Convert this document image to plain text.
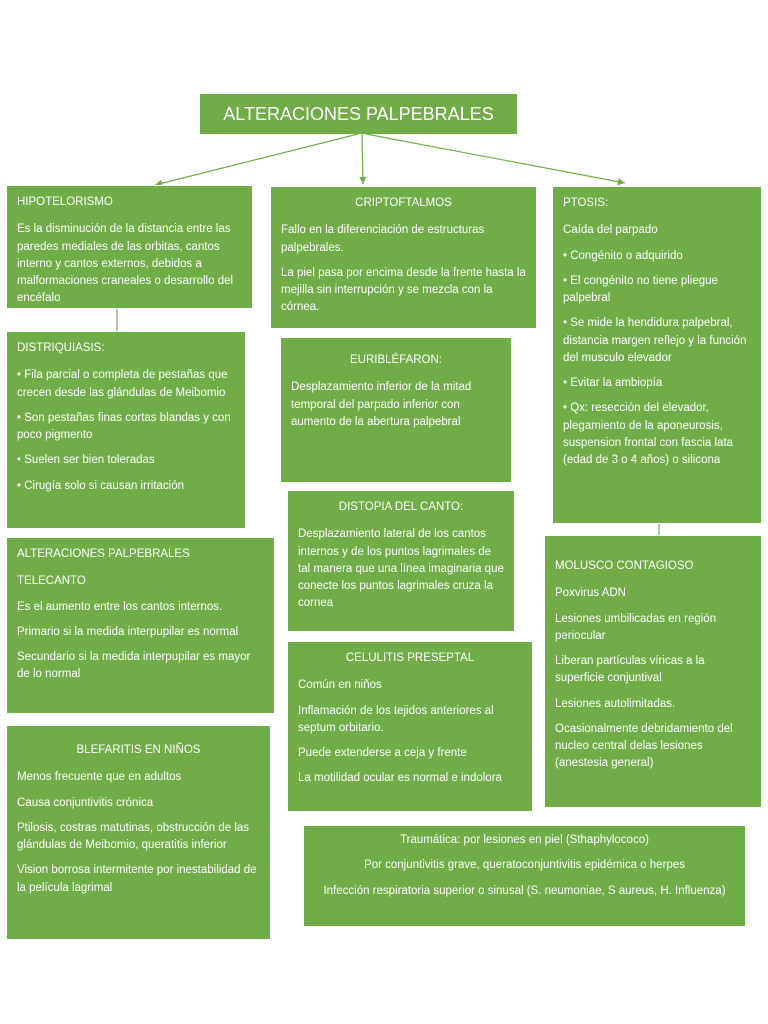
ALTERACIONES PALPEBRALES

HIPOTELORISMO

Es la disminución de la distancia entre las paredes mediales de las orbitas, cantos interno y cantos externos, debidos a malformaciones craneales o desarrollo del encéfalo

CRIPTOFTALMOS

Fallo en la diferenciación de estructuras palpebrales.

La piel pasa por encima desde la frente hasta la mejilla sin interrupción y se mezcla con la córnea.

PTOSIS:

Caída del parpado

• Congénito o adquirido

• El congénito no tiene pliegue palpebral

• Se mide la hendidura palpebral, distancia margen reflejo y la función del musculo elevador

• Evitar la ambiopía

• Qx: resección del elevador, plegamiento de la aponeurosis, suspension frontal con fascia lata (edad de 3 o 4 años) o silicona

DISTRIQUIASIS:

• Fila parcial o completa de pestañas que crecen desde las glándulas de Meibomio

• Son pestañas finas cortas blandas y con poco pigmento

• Suelen ser bien toleradas

• Cirugía solo si causan irritación

EURIBLÉFARON:

Desplazamiento inferior de la mitad temporal del parpado inferior con aumento de la abertura palpebral

ALTERACIONES PALPEBRALES

TELECANTO

Es el aumento entre los cantos internos.

Primario si la medida interpupilar es normal

Secundario si la medida interpupilar es mayor de lo normal

DISTOPIA DEL CANTO:

Desplazamiento lateral de los cantos internos y de los puntos lagrimales de tal manera que una línea imaginaria que conecte los puntos lagrimales cruza la cornea

MOLUSCO CONTAGIOSO

Poxvirus ADN

Lesiones umbilicadas en región periocular

Liberan partículas víricas a la superficie conjuntival

Lesiones autolimitadas.

Ocasionalmente debridamiento del nucleo central delas lesiones (anestesia general)

CELULITIS PRESEPTAL

Común en niños

Inflamación de los tejidos anteriores al septum orbitario.

Puede extenderse a ceja y frente

La motilidad ocular es normal e indolora

BLEFARITIS EN NIÑOS

Menos frecuente que en adultos

Causa conjuntivitis crónica

Ptilosis, costras matutinas, obstrucción de las glándulas de Meibomio, queratitis inferior

Vision borrosa intermitente por inestabilidad de la película lagrimal

Traumática: por lesiones en piel (Sthaphylococo)

Por conjuntivitis grave, queratoconjuntivitis epidémica o herpes

Infección respiratoria superior o sinusal (S. neumoniae, S aureus, H. Influenza)
